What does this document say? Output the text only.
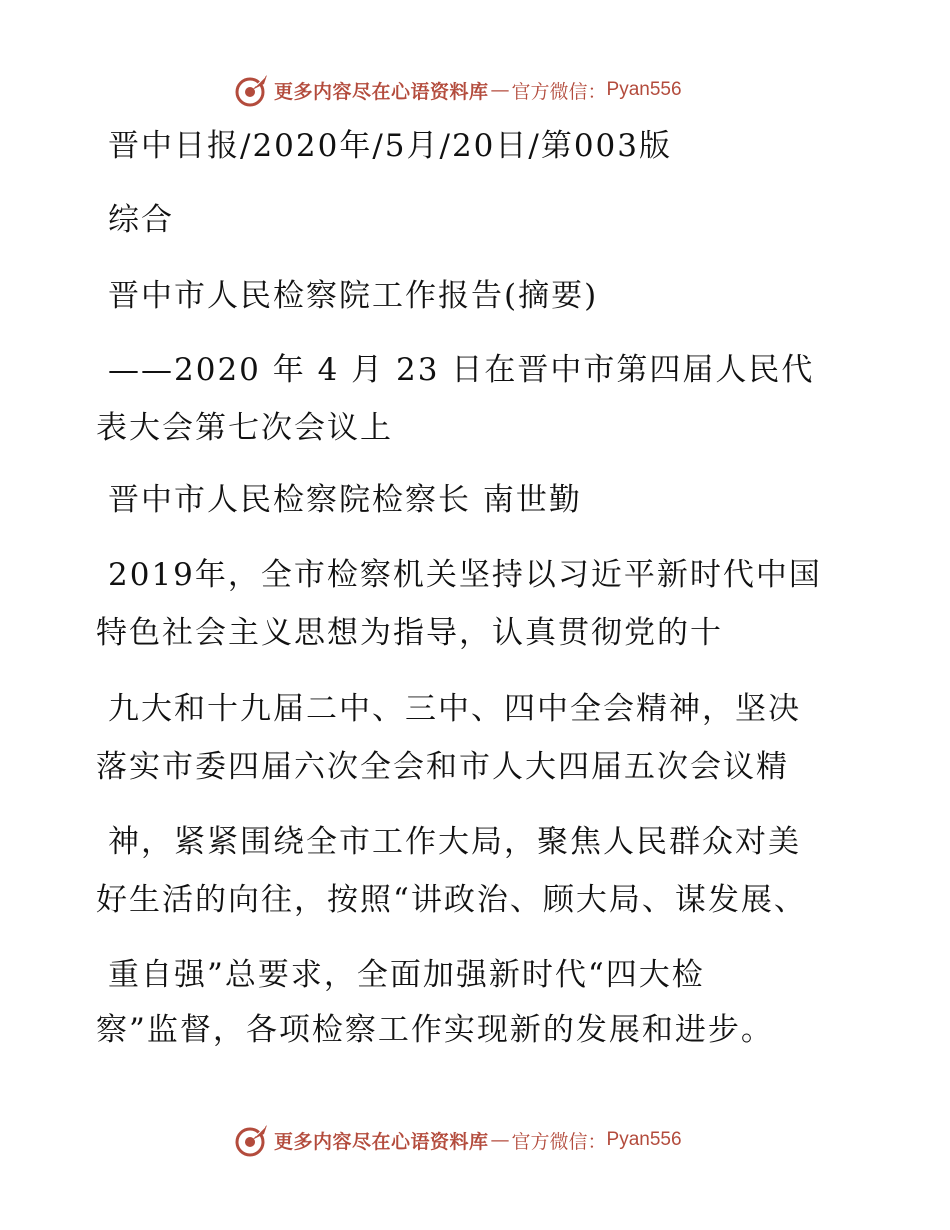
更多内容尽在心语资料库 — 官方微信： Pyan556
晋中日报/2020年/5月/20日/第003版
综合
晋中市人民检察院工作报告(摘要)
——2020 年 4 月 23 日在晋中市第四届人民代
表大会第七次会议上
晋中市人民检察院检察长 南世勤
2019年，全市检察机关坚持以习近平新时代中国
特色社会主义思想为指导，认真贯彻党的十
九大和十九届二中、三中、四中全会精神，坚决
落实市委四届六次全会和市人大四届五次会议精
神，紧紧围绕全市工作大局，聚焦人民群众对美
好生活的向往，按照“讲政治、顾大局、谋发展、
重自强”总要求，全面加强新时代“四大检
察”监督，各项检察工作实现新的发展和进步。
更多内容尽在心语资料库 — 官方微信： Pyan556
